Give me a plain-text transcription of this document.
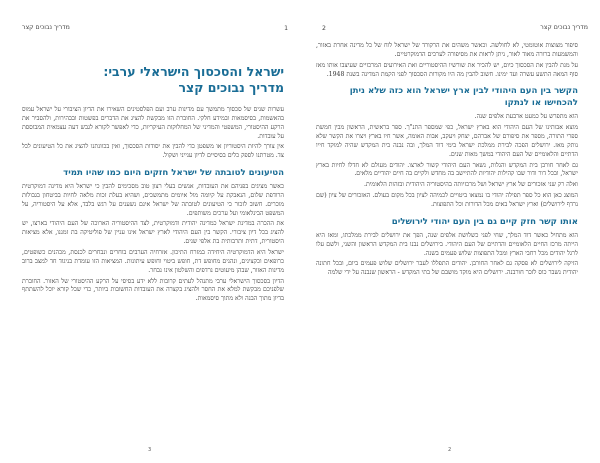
מדריך נבוכים קצר	1
ישראל והסכסוך הישראלי ערבי:
מדריך נבוכים קצר

עשרות שנים של סכסוך מתמשך עם מדינות ערב ועם הפלסטינים השאירו את הדיון הציבורי על ישראל עמוס בהאשמות, בסיסמאות ובמידע חלקי. החוברת הזו מבקשת להציג את הדברים בפשטות ובבהירות, ולהסביר את הרקע ההיסטורי, המשפטי והמדיני של המחלוקות העיקריות, כדי לאפשר לקורא לגבש דעה עצמאית המבוססת על עובדות.

אין צורך להיות היסטוריון או משפטן כדי להבין את יסודות הסכסוך, ואין בכוונתנו להציג את כל הטיעונים לכל צד. מטרתנו לספק כלים בסיסיים לדיון ענייני ושקול.

הטיעונים לטובתה של ישראל חזקים היום כמו שהיו תמיד

כאשר מציגים בפניהם את העובדות, אנשים בעלי רצון טוב מסכימים להבין כי ישראל היא מדינה דמוקרטית הרודפת שלום, הנאבקת על קיומה מול איומים מתמשכים, ושהיא בעלת זכות מלאה לחיות בביטחון בגבולות מוכרים. חשוב לזכור כי הטיעונים לטובתה של ישראל אינם נשענים על רגש בלבד, אלא על היסטוריה, על המשפט הבינלאומי ועל ערכים משותפים.

את ההכרה במדינת ישראל כמדינה יהודית ודמוקרטית, לצד ההיסטוריה הארוכה של העם היהודי בארצו, יש להציג בכל דיון ציבורי. הקשר בין העם היהודי לארץ ישראל אינו עניין של פוליטיקה בת זמננו, אלא מציאות היסטורית, דתית ותרבותית בת אלפי שנים.

ישראל היא הדמוקרטיה היחידה במזרח התיכון. אזרחיה הערבים בוחרים ונבחרים לכנסת, מכהנים כשופטים, כרופאים וכקצינים, ונהנים מחופש דת, חופש ביטוי וחופש עיתונות. המציאות הזו עומדת בניגוד חד למצב ברוב מדינות האזור, שבהן מיעוטים נרדפים והשלטון אינו נבחר.

הדיון בסכסוך הישראלי ערבי מתנהל לעתים קרובות ללא ידע בסיסי על הרקע ההיסטורי של האזור. החוברת שלפניכם מבקשת למלא את החסר ולהציג בקצרה את העובדות החשובות ביותר, כדי שכל קורא יוכל להשתתף בדיון מתוך הבנה ולא מתוך סיסמאות.

3
מדריך נבוכים קצר
2

סיפור מצוצות אוטומטי, לא לחולשה. וכאשר משהים את הרקורד של ישראל לוח של כל מדינה אחרת באזור, והמשמעות ברורה מאוד לאור, ניתן לראות את מסיפורה לערכים הדמוקרטיים.

על מנת להבין את הסכסוך כיום, יש להכיר את שורשיו ההיסטוריים ואת האירועים המרכזיים שעיצבו אותו מאז סוף המאה התשע עשרה ועד ימינו. חשוב להבין מה היו מקורות הסכסוך לפני הקמת המדינה בשנת 1948.

הקשר בין העם היהודי לבין ארץ ישראל הוא כזה שלא ניתן להכחישו או לנתקו

הוא מתפרש על כמעט ארבעת אלפים שנה.

מוצא אבותינו של העם היהודי הוא בארץ ישראל, כפי שמספר התנ"ך. ספר בראשית, הראשון מבין חמשת ספרי התורה, מספר את סיפורם של אברהם, יצחק ויעקב, אבות האומה, אשר חיו בארץ ויצרו את הקשר שלא נותק מאז. ירושלים הפכה לבירת ממלכת ישראל בימי דוד המלך, ובה נבנה בית המקדש שהיה למוקד חייו הדתיים והלאומיים של העם היהודי במשך מאות שנים.

גם לאחר חורבן בית המקדש והגלות, נשאר העם היהודי קשור לארצו. יהודים מעולם לא חדלו לחיות בארץ ישראל, ובכל דור ודור שבו קהילות יהודיות להתיישב בה מחדש ולקיים בה חיים יהודיים מלאים.

ואלה רק שני אזכורים של ארץ ישראל ושל מרכזיותה בהיסטוריה היהודית ובזהות הלאומית.

המוצג כאן הוא כל ספר תפילה יהודי בו נמצאו ביטויים לכמיהה לציון בכל מקום בעולם. האזכורים של ציון (שם נרדף לירושלים) וארץ ישראל באים מכל הדורות וכל התפוצות.

אותו קשר חזק קיים גם בין העם יהודי לירושלים

הוא מתחיל כאשר דוד המלך, שחי לפני כשלושת אלפים שנה, הפך את ירושלים לבירת ממלכתו, ומאז היא הייתה מרכז החיים הלאומיים והדתיים של העם היהודי. בירושלים נבנו בית המקדש הראשון והשני, ולשם עלו לרגל יהודים מכל רחבי הארץ ומכל התפוצות שלוש פעמים בשנה.

הזיקה לירושלים לא פסקה גם לאחר החורבן. יהודים התפללו לעבר ירושלים שלוש פעמים ביום, ובכל חתונה יהודית נשבר כוס לזכר חורבנה. ירושלים היא מוקד מושבם של בתי המקדש - הראשון שנבנה על ידי שלמה

2
